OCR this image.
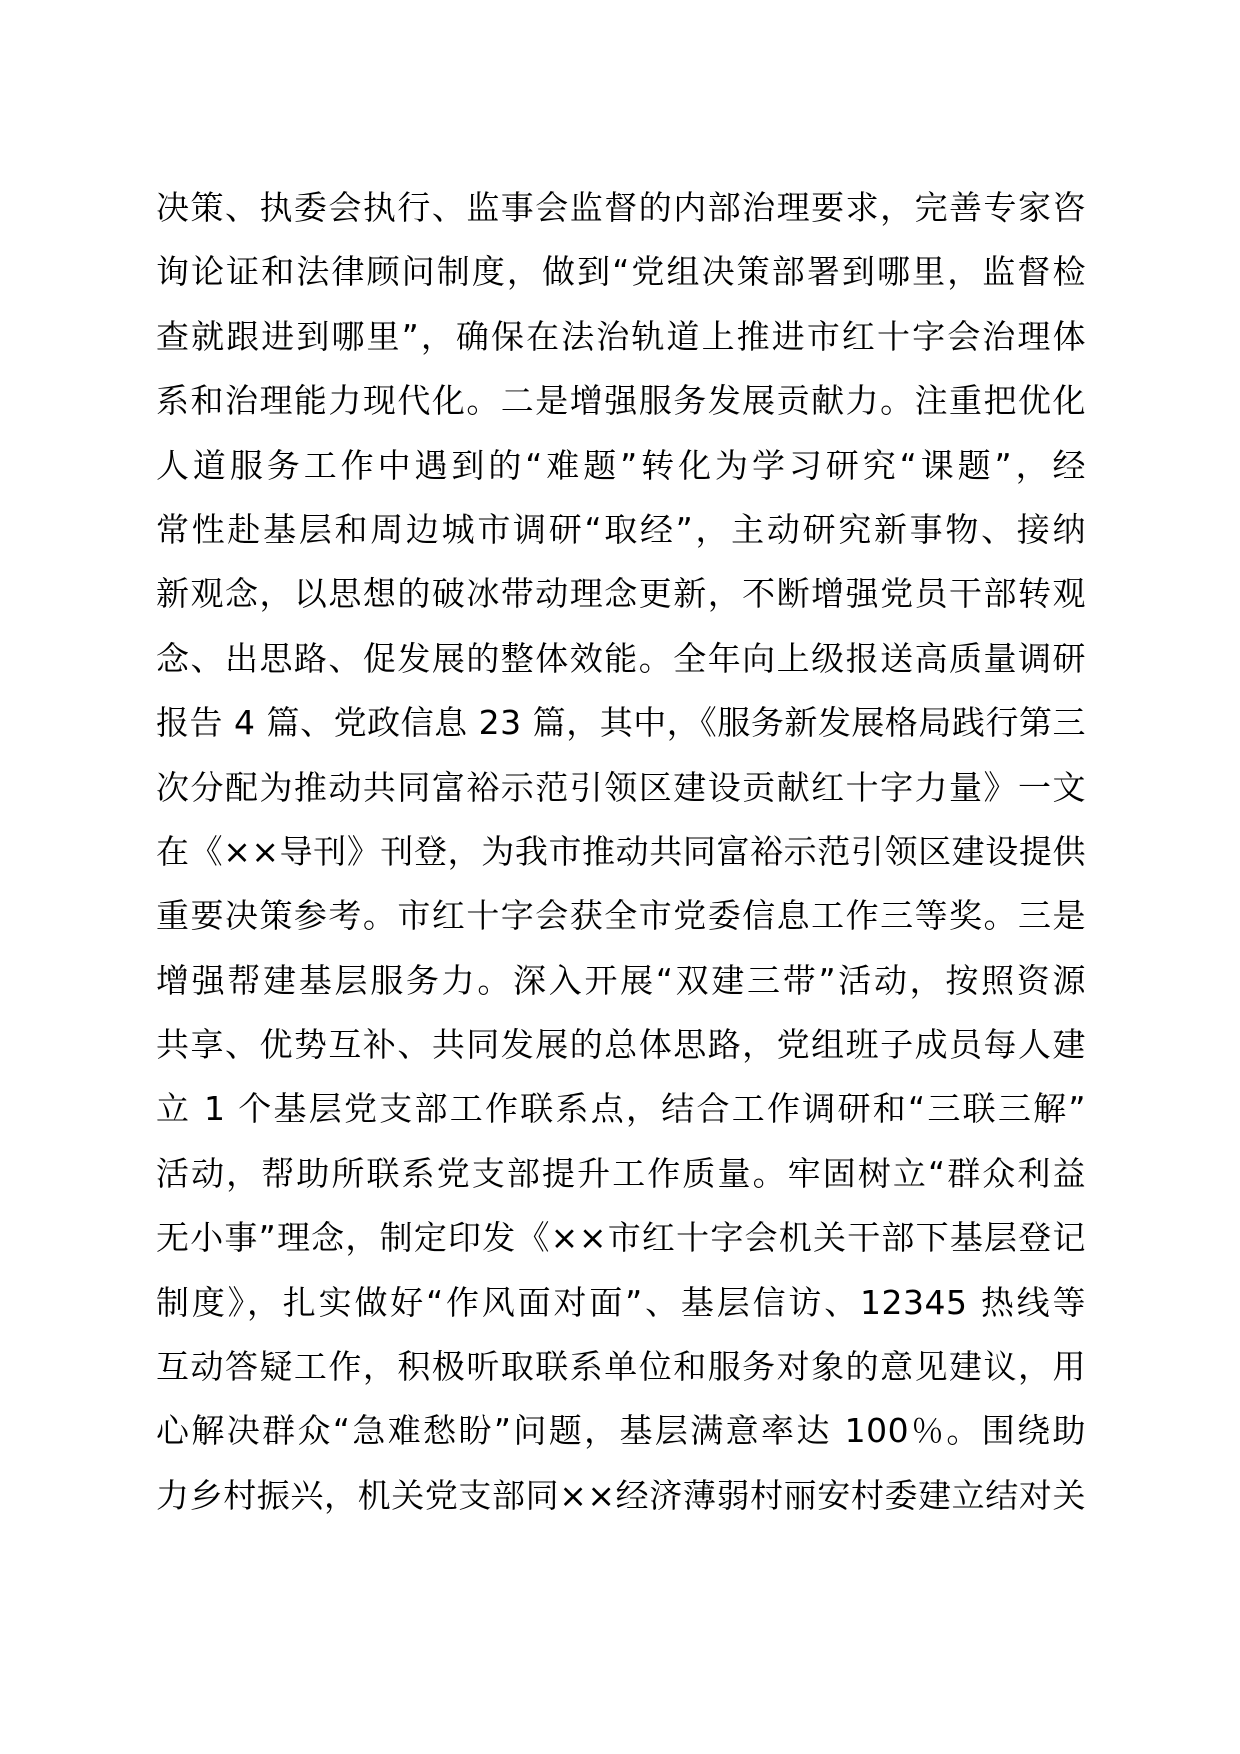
决策、执委会执行、监事会监督的内部治理要求，完善专家咨
询论证和法律顾问制度，做到“党组决策部署到哪里，监督检
查就跟进到哪里”，确保在法治轨道上推进市红十字会治理体
系和治理能力现代化。二是增强服务发展贡献力。注重把优化
人道服务工作中遇到的“难题”转化为学习研究“课题”，经
常性赴基层和周边城市调研“取经”，主动研究新事物、接纳
新观念，以思想的破冰带动理念更新，不断增强党员干部转观
念、出思路、促发展的整体效能。全年向上级报送高质量调研
报告 4 篇、党政信息 23 篇，其中，《服务新发展格局践行第三
次分配为推动共同富裕示范引领区建设贡献红十字力量》一文
在《××导刊》刊登，为我市推动共同富裕示范引领区建设提供
重要决策参考。市红十字会获全市党委信息工作三等奖。三是
增强帮建基层服务力。深入开展“双建三带”活动，按照资源
共享、优势互补、共同发展的总体思路，党组班子成员每人建
立 1 个基层党支部工作联系点，结合工作调研和“三联三解”
活动，帮助所联系党支部提升工作质量。牢固树立“群众利益
无小事”理念，制定印发《××市红十字会机关干部下基层登记
制度》，扎实做好“作风面对面”、基层信访、12345 热线等
互动答疑工作，积极听取联系单位和服务对象的意见建议，用
心解决群众“急难愁盼”问题，基层满意率达 100％。围绕助
力乡村振兴，机关党支部同××经济薄弱村丽安村委建立结对关
